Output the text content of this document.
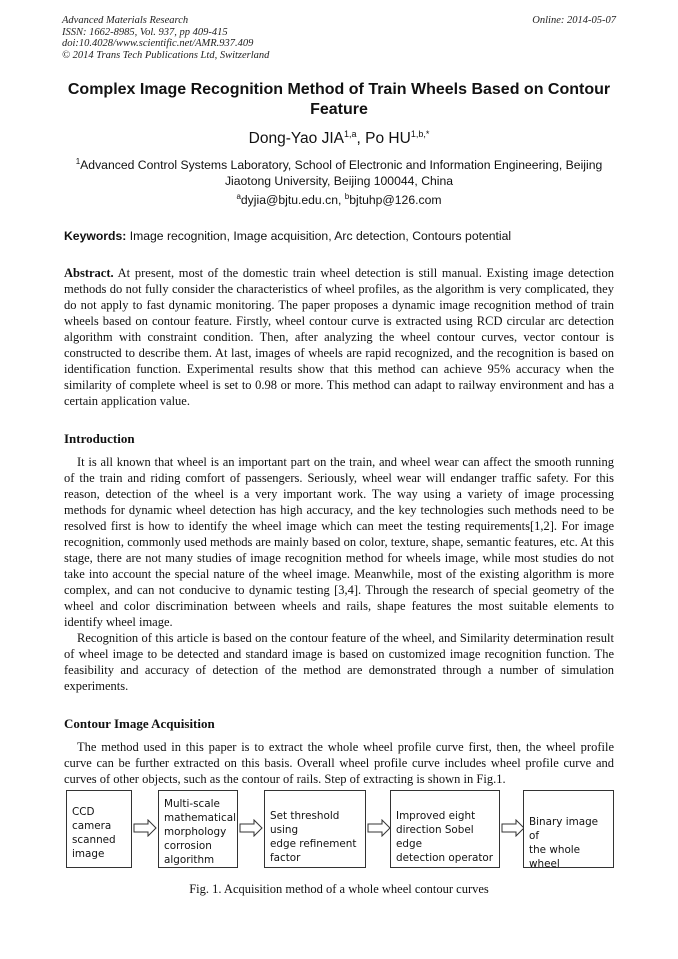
Advanced Materials Research
ISSN: 1662-8985, Vol. 937, pp 409-415
doi:10.4028/www.scientific.net/AMR.937.409
© 2014 Trans Tech Publications Ltd, Switzerland
Online: 2014-05-07
Complex Image Recognition Method of Train Wheels Based on Contour Feature
Dong-Yao JIA$^{1,a}$, Po $HU^{1,b,*}$
$^1$Advanced Control Systems Laboratory, School of Electronic and Information Engineering, Beijing Jiaotong University, Beijing 100044, China
$^a$dyjia@bjtu.edu.cn, $^b$bjtuhp@126.com
Keywords: Image recognition, Image acquisition, Arc detection, Contours potential
Abstract. At present, most of the domestic train wheel detection is still manual. Existing image detection methods do not fully consider the characteristics of wheel profiles, as the algorithm is very complicated, they do not apply to fast dynamic monitoring. The paper proposes a dynamic image recognition method of train wheels based on contour feature. Firstly, wheel contour curve is extracted using RCD circular arc detection algorithm with constraint condition. Then, after analyzing the wheel contour curves, vector contour is constructed to describe them. At last, images of wheels are rapid recognized, and the recognition is based on identification function. Experimental results show that this method can achieve 95% accuracy when the similarity of complete wheel is set to 0.98 or more. This method can adapt to railway environment and has a certain application value.
Introduction

It is all known that wheel is an important part on the train, and wheel wear can affect the smooth running of the train and riding comfort of passengers. Seriously, wheel wear will endanger traffic safety. For this reason, detection of the wheel is a very important work. The way using a variety of image processing methods for dynamic wheel detection has high accuracy, and the key technologies such methods need to be resolved first is how to identify the wheel image which can meet the testing requirements[1,2]. For image recognition, commonly used methods are mainly based on color, texture, shape, semantic features, etc. At this stage, there are not many studies of image recognition method for wheels image, while most studies do not take into account the special nature of the wheel image. Meanwhile, most of the existing algorithm is more complex, and can not conducive to dynamic testing [3,4]. Through the research of special geometry of the wheel and color discrimination between wheels and rails, shape features the most suitable elements to identify wheel image.

Recognition of this article is based on the contour feature of the wheel, and Similarity determination result of wheel image to be detected and standard image is based on customized image recognition function. The feasibility and accuracy of detection of the method are demonstrated through a number of simulation experiments.

Contour Image Acquisition

The method used in this paper is to extract the whole wheel profile curve first, then, the wheel profile curve can be further extracted on this basis. Overall wheel profile curve includes wheel profile curve and curves of other objects, such as the contour of rails. Step of extracting is shown in Fig.1.

CCD camera
scanned
image
Multi-scale
mathematical
morphology
corrosion
algorithm
Set threshold using
edge refinement
factor
Improved eight
direction Sobel edge
detection operator
Binary image of
the whole wheel
Fig. 1. Acquisition method of a whole wheel contour curves
